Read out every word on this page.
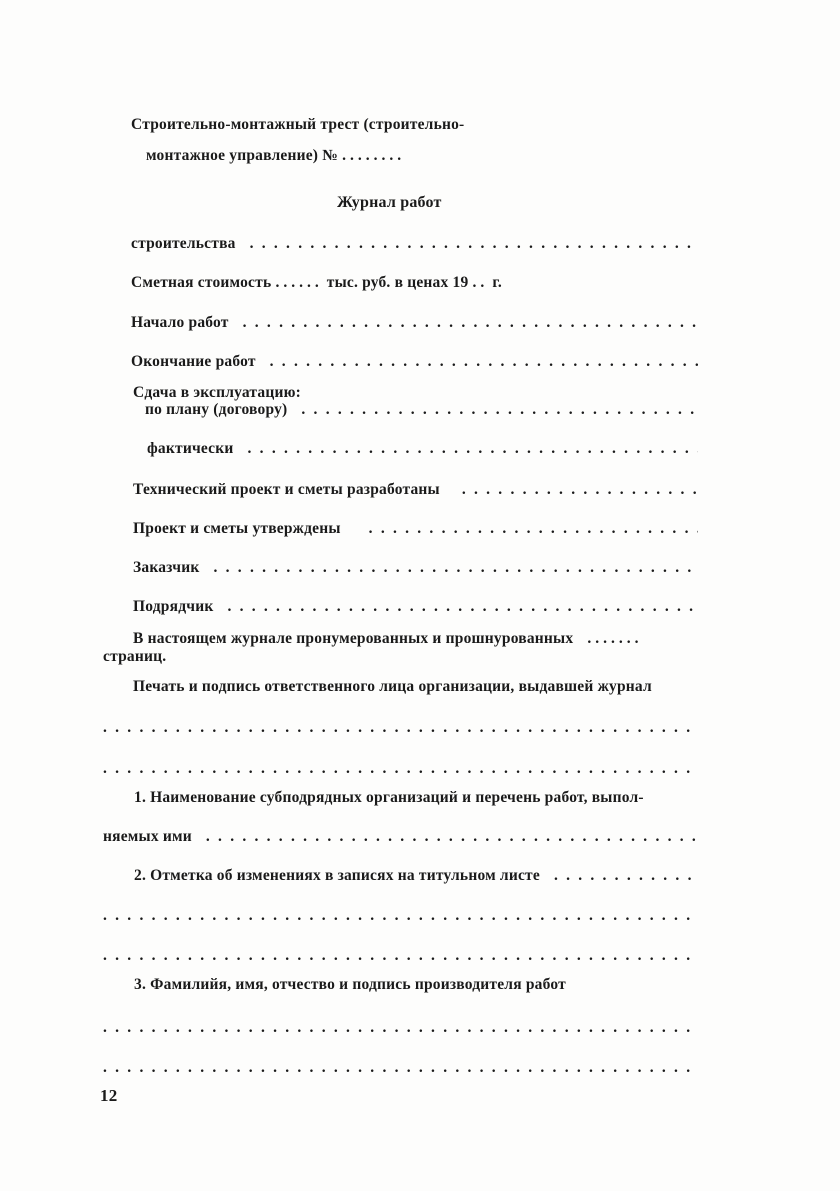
Строительно-монтажный трест (строительно-
монтажное управление) № ........
Журнал работ
строительства
. . .
Сметная стоимость ...... тыс. руб. в ценах 19 .. г.
Начало работ
. . .
Окончание работ
. . .
Сдача в эксплуатацию:
по плану (договору)
. . .
фактически
. . .
Технический проект и сметы разработаны
. . .
Проект и сметы утверждены
. . .
Заказчик
. . .
Подрядчик
. . .
В настоящем журнале пронумерованных и прошнурованных .......
страниц.
Печать и подпись ответственного лица организации, выдавшей журнал
. . .
. . .
1. Наименование субподрядных организаций и перечень работ, выпол-
няемых ими
. . .
2. Отметка об изменениях в записях на титульном листе
. . .
. . .
. . .
3. Фамилийя, имя, отчество и подпись производителя работ
. . .
. . .
12
